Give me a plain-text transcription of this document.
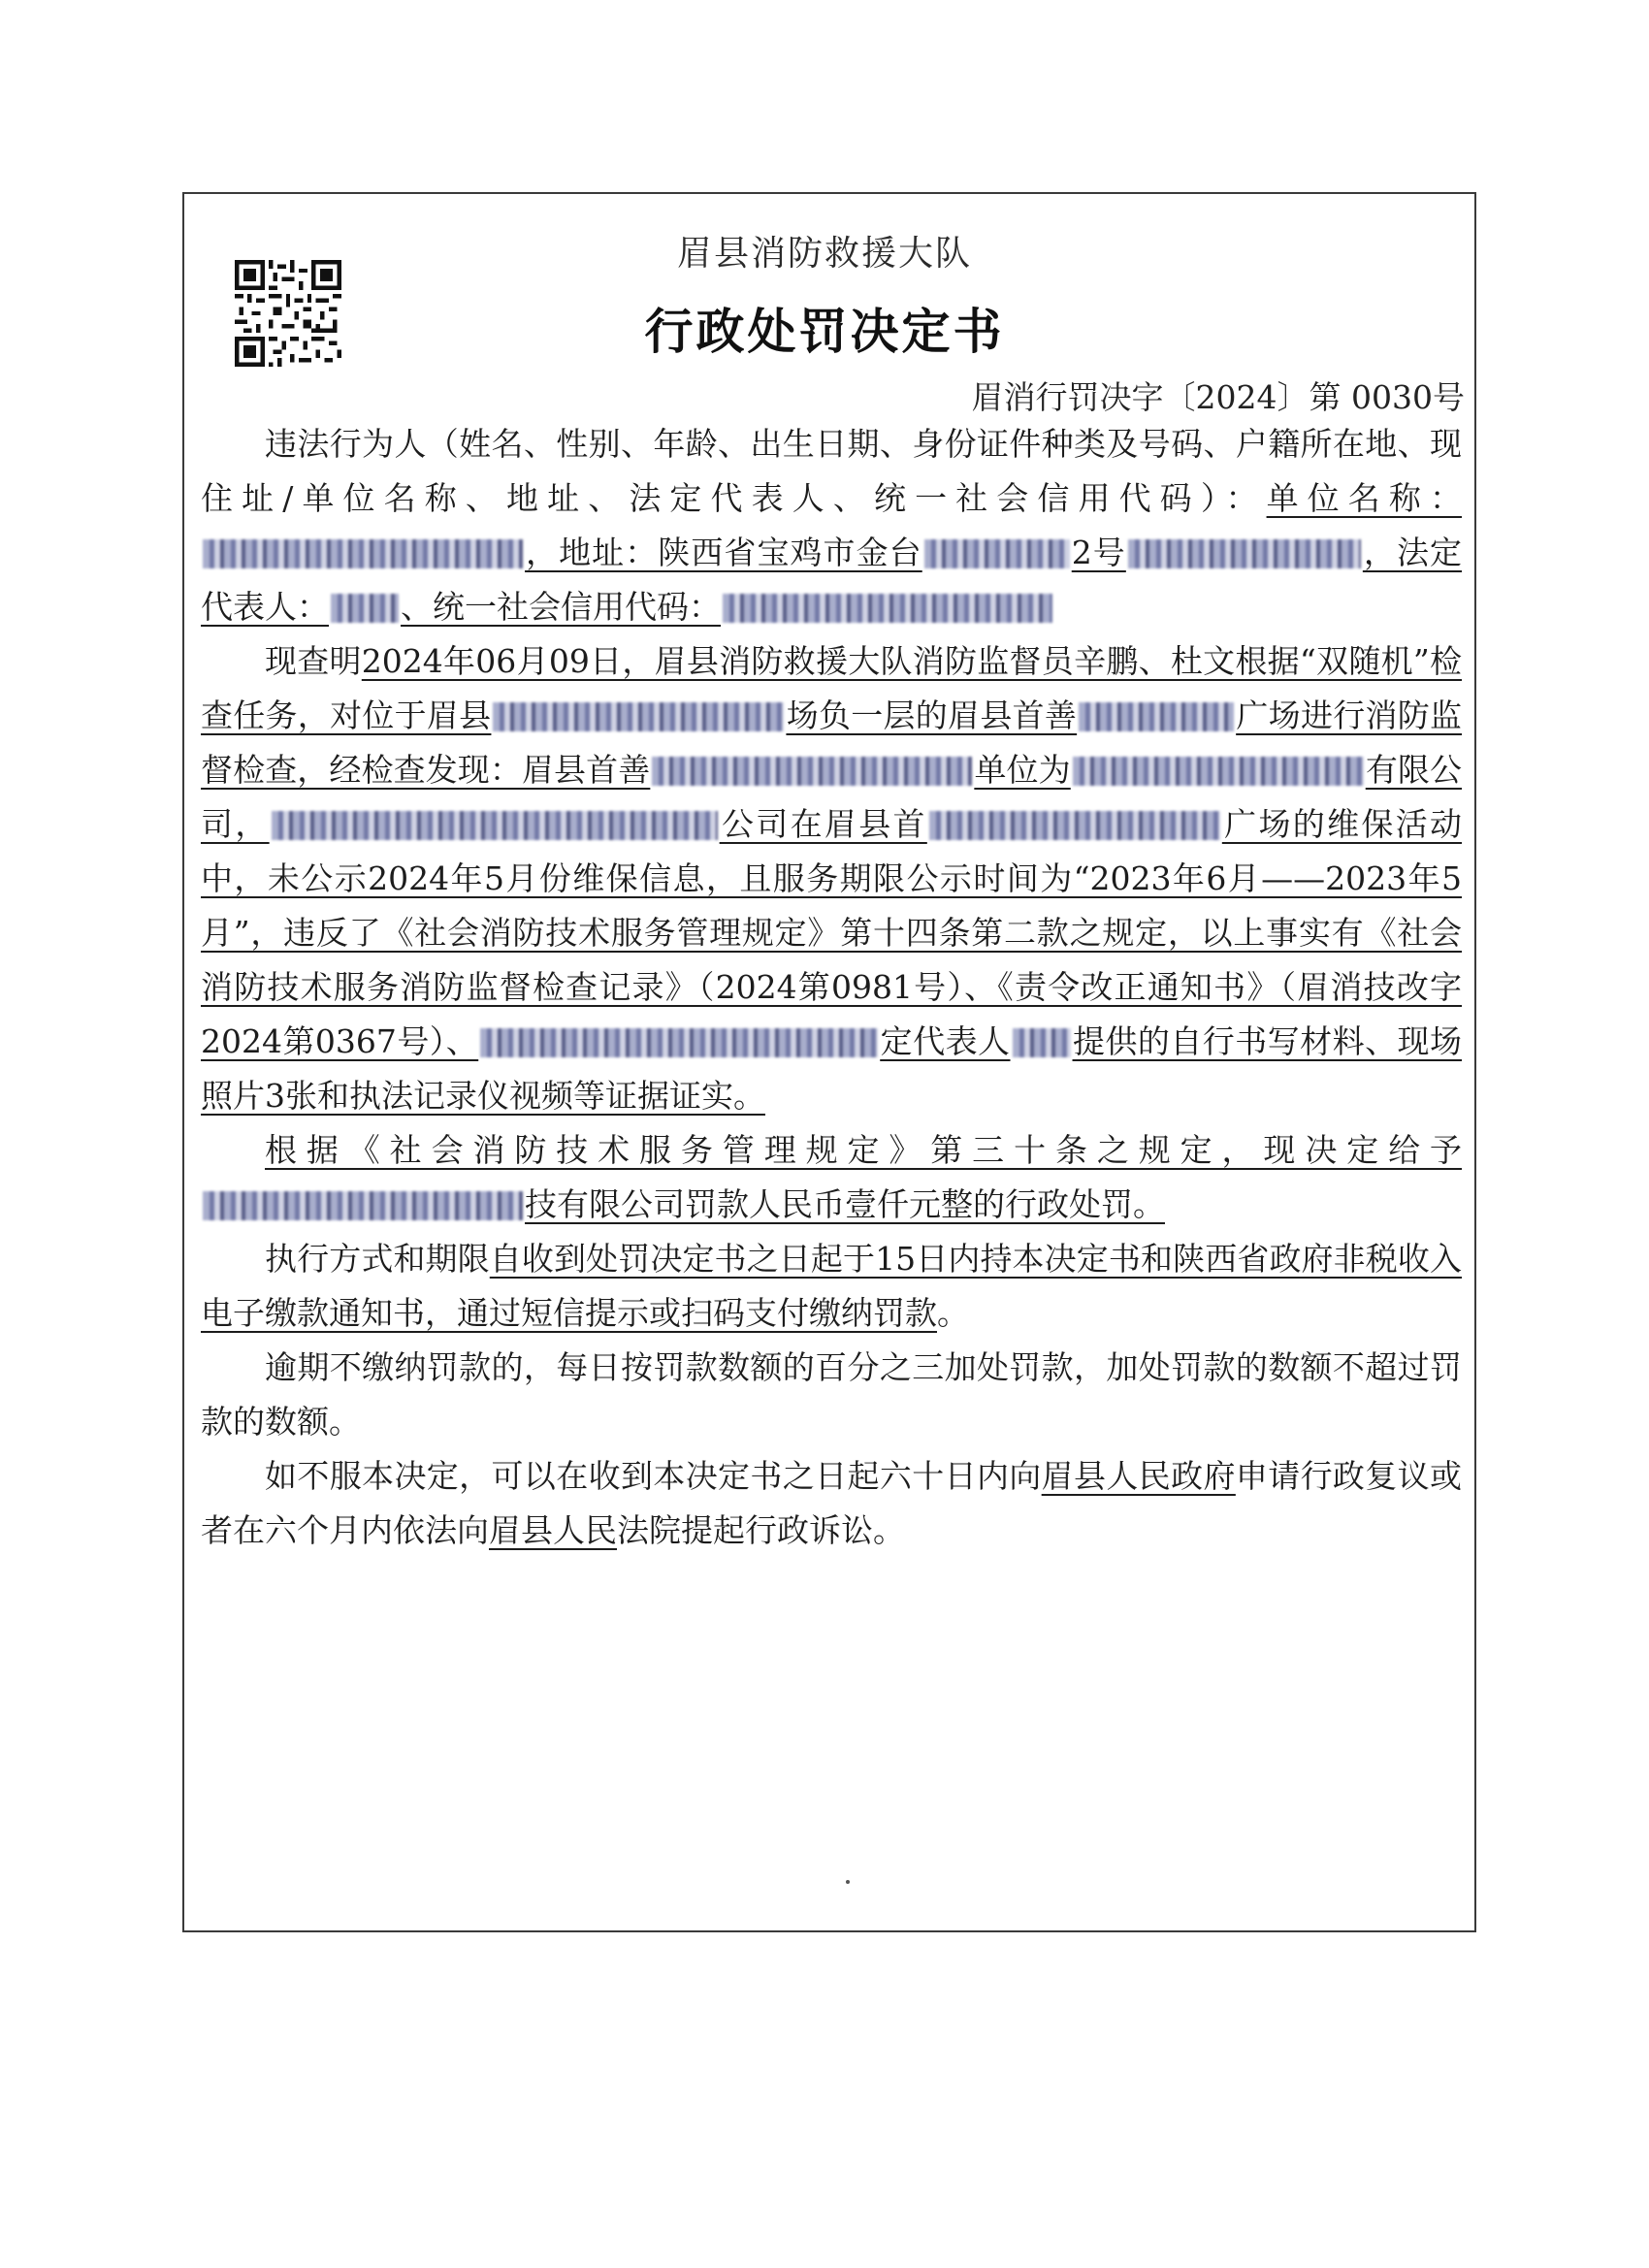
眉县消防救援大队
行政处罚决定书
眉消行罚决字〔2024〕第 0030号

违法行为人（姓名、性别、年龄、出生日期、身份证件种类及号码、户籍所在地、现住址/单位名称、地址、法定代表人、统一社会信用代码）：单位名称：，地址：陕西省宝鸡市金台	2号	，法定代表人： 、统一社会信用代码：

现查明2024年06月09日，眉县消防救援大队消防监督员辛鹏、杜文根据“双随机”检查任务，对位于眉县	场负一层的眉县首善	广场进行消防监督检查，经检查发现：眉县首善	单位为	有限公司，	公司在眉县首	广场的维保活动中，未公示2024年5月份维保信息，且服务期限公示时间为“2023年6月——2023年5月”，违反了《社会消防技术服务管理规定》第十四条第二款之规定，以上事实有《社会消防技术服务消防监督检查记录》（2024第0981号）、《责令改正通知书》（眉消技改字2024第0367号）、	定代表人 提供的自行书写材料、现场照片3张和执法记录仪视频等证据证实。

根据《社会消防技术服务管理规定》第三十条之规定，现决定给予技有限公司罚款人民币壹仟元整的行政处罚。

执行方式和期限自收到处罚决定书之日起于15日内持本决定书和陕西省政府非税收入电子缴款通知书，通过短信提示或扫码支付缴纳罚款。

逾期不缴纳罚款的，每日按罚款数额的百分之三加处罚款，加处罚款的数额不超过罚款的数额。

如不服本决定，可以在收到本决定书之日起六十日内向眉县人民政府申请行政复议或者在六个月内依法向眉县人民法院提起行政诉讼。
